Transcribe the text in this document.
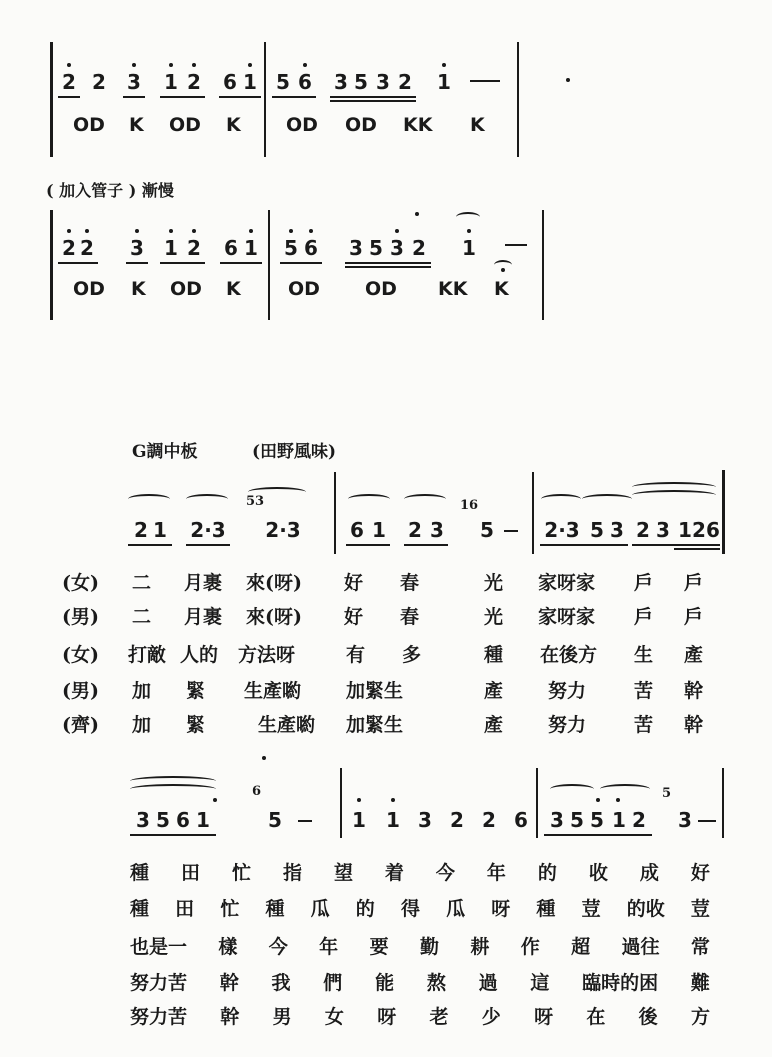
2 2 3 1 2 6 1 5 6 3 5 3 2 1
OD K OD K OD OD KK K
( 加入管子 ) 漸慢
2 2 3 1 2 6 1 5 6 3 5 3 2 1
OD K OD K OD OD KK K
G調中板	(田野風味)
2 1 2·3
53
2·3	6 1 2 3
16
5	2·3 5 3 2 3 1 2 6
(女)
(男)
(女)
(男)
(齊)
二 月裹 來(呀) 好 春	光 家呀家 戶 戶
二 月裹 來(呀) 好 春	光 家呀家 戶 戶
打敵 人的 方法呀	有 多	種 在後方 生 產
加 緊 生產喲 加緊生	產 努力	苦 幹
加 緊	生產喲 加緊生	產 努力	苦 幹
3 5 6 1
6
5	1 1 3 2 2 6 3 5 5 1 2
5
3
種 田 忙 指 望 着 今 年 的 收 成 好
種 田 忙 種 瓜 的 得 瓜 呀 種 荳 的收 荳
也是一 樣 今 年 要 勤 耕 作 超 過往 常
努力苦 幹 我 們 能 熬 過 這 臨時的困 難
努力苦 幹 男 女 呀 老 少 呀 在 後 方
